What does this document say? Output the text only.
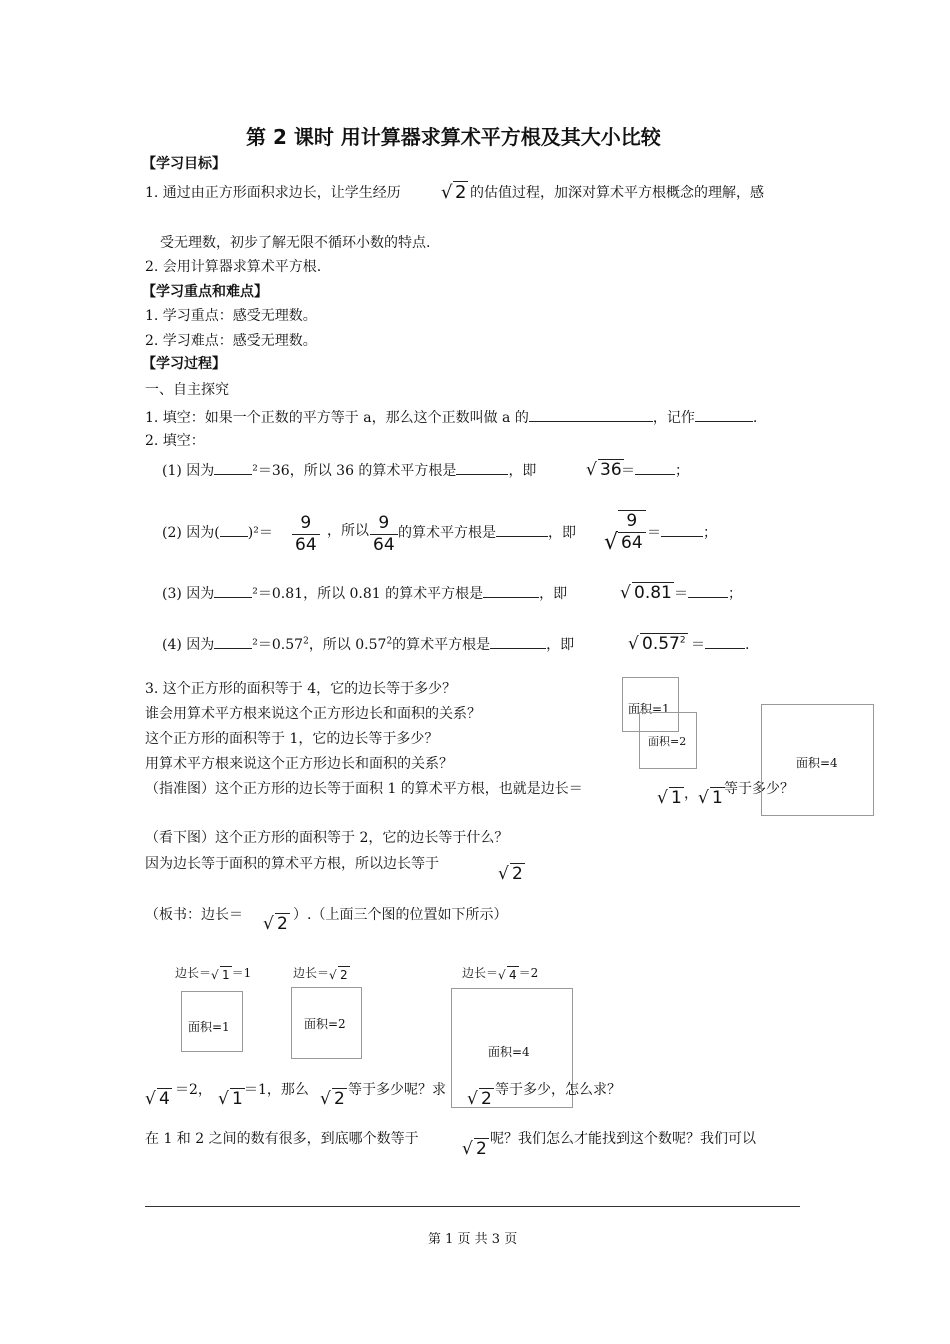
第 2 课时 用计算器求算术平方根及其大小比较
【学习目标】
1. 通过由正方形面积求边长，让学生经历 √ 2 的估值过程，加深对算术平方根概念的理解，感
受无理数，初步了解无限不循环小数的特点.
2. 会用计算器求算术平方根.
【学习重点和难点】
1. 学习重点：感受无理数。
2. 学习难点：感受无理数。
【学习过程】
一、自主探究
1. 填空：如果一个正数的平方等于 a，那么这个正数叫做 a 的	，记作	.
2. 填空：
(1) 因为	²＝36，所以 36 的算术平方根是	，即	√ 36 ＝	；
(2) 因为( )$^2= \frac{9}{64}$ ，所以 $\frac{9}{64}$ 的算术平方根是	，即 √ $\frac{9}{64}$ ＝	；
(3) 因为	²＝0.81，所以 0.81 的算术平方根是	，即	√ 0.81 ＝	；
(4) 因为	$^2=0.57^2$，所以 0.57$^2$的算术平方根是	，即	√ $0.57^2$ ＝	.
3. 这个正方形的面积等于 4，它的边长等于多少？
谁会用算术平方根来说这个正方形边长和面积的关系？
这个正方形的面积等于 1，它的边长等于多少？
用算术平方根来说这个正方形边长和面积的关系？
（指准图）这个正方形的边长等于面积 1 的算术平方根，也就是边长＝	√ 1 ， √ 1 等于多少？
面积=1
面积=2
面积=4
（看下图）这个正方形的面积等于 2，它的边长等于什么？
因为边长等于面积的算术平方根，所以边长等于	√ 2
（板书：边长＝ √ 2 ）.（上面三个图的位置如下所示）
边长＝ √ 1 ＝1	边长＝ √ 2	边长＝ √ 4 ＝2
面积=1	面积=2
面积=4
√ 4 ＝2， √ 1 ＝1，那么 √ 2 等于多少呢？求 √ 2 等于多少，怎么求？
在 1 和 2 之间的数有很多，到底哪个数等于	√ 2 呢？我们怎么才能找到这个数呢？我们可以
第 1 页 共 3 页
